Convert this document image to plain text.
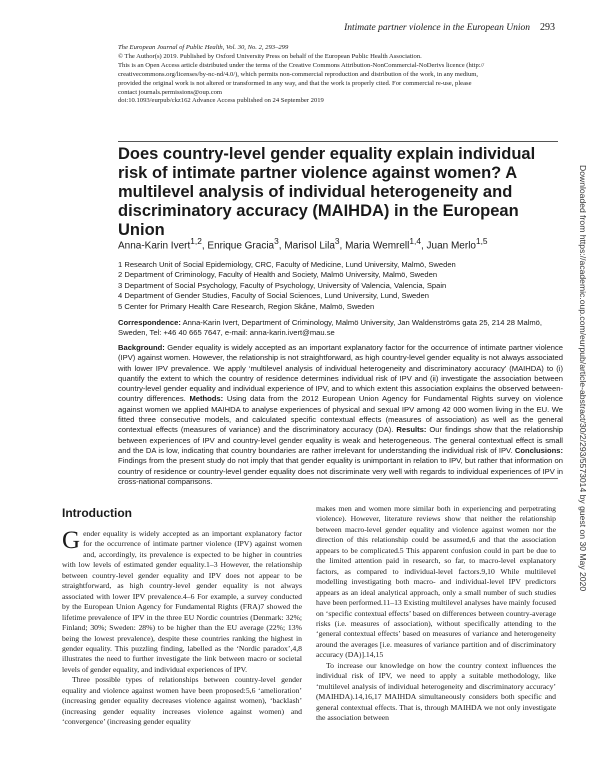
Intimate partner violence in the European Union 293
The European Journal of Public Health, Vol. 30, No. 2, 293–299
© The Author(s) 2019. Published by Oxford University Press on behalf of the European Public Health Association.
This is an Open Access article distributed under the terms of the Creative Commons Attribution-NonCommercial-NoDerivs licence (http://
creativecommons.org/licenses/by-nc-nd/4.0/), which permits non-commercial reproduction and distribution of the work, in any medium,
provided the original work is not altered or transformed in any way, and that the work is properly cited. For commercial re-use, please
contact journals.permissions@oup.com
doi:10.1093/eurpub/ckz162 Advance Access published on 24 September 2019
Does country-level gender equality explain individual risk of intimate partner violence against women? A multilevel analysis of individual heterogeneity and discriminatory accuracy (MAIHDA) in the European Union
Anna-Karin Ivert$^{1,2}$, Enrique Gracia$^3$, Marisol Lila$^3$, Maria Wemrell$^{1,4}$, Juan Merlo$^{1,5}$
1 Research Unit of Social Epidemiology, CRC, Faculty of Medicine, Lund University, Malmö, Sweden
2 Department of Criminology, Faculty of Health and Society, Malmö University, Malmö, Sweden
3 Department of Social Psychology, Faculty of Psychology, University of Valencia, Valencia, Spain
4 Department of Gender Studies, Faculty of Social Sciences, Lund University, Lund, Sweden
5 Center for Primary Health Care Research, Region Skåne, Malmö, Sweden
Correspondence: Anna-Karin Ivert, Department of Criminology, Malmö University, Jan Waldenströms gata 25, 214 28 Malmö, Sweden, Tel: +46 40 665 7647, e-mail: anna-karin.ivert@mau.se

Background: Gender equality is widely accepted as an important explanatory factor for the occurrence of intimate partner violence (IPV) against women. However, the relationship is not straightforward, as high country-level gender equality is not always associated with lower IPV prevalence. We apply ‘multilevel analysis of individual heterogeneity and discriminatory accuracy’ (MAIHDA) to (i) quantify the extent to which the country of residence determines individual risk of IPV and (ii) investigate the association between country-level gender equality and individual experience of IPV, and to which extent this association explains the observed between-country differences. Methods: Using data from the 2012 European Union Agency for Fundamental Rights survey on violence against women we applied MAIHDA to analyse experiences of physical and sexual IPV among 42 000 women living in the EU. We fitted three consecutive models, and calculated specific contextual effects (measures of association) as well as the general contextual effects (measures of variance) and the discriminatory accuracy (DA). Results: Our findings show that the relationship between experiences of IPV and country-level gender equality is weak and heterogeneous. The general contextual effect is small and the DA is low, indicating that country boundaries are rather irrelevant for understanding the individual risk of IPV. Conclusions: Findings from the present study do not imply that that gender equality is unimportant in relation to IPV, but rather that information on country of residence or country-level gender equality does not discriminate very well with regards to individual experiences of IPV in cross-national comparisons.

Introduction

Gender equality is widely accepted as an important explanatory factor for the occurrence of intimate partner violence (IPV) against women and, accordingly, its prevalence is expected to be higher in countries with low levels of estimated gender equality.1–3 However, the relationship between country-level gender equality and IPV does not appear to be straightforward, as high country-level gender equality is not always associated with lower IPV prevalence.4–6 For example, a survey conducted by the European Union Agency for Fundamental Rights (FRA)7 showed the lifetime prevalence of IPV in the three EU Nordic countries (Denmark: 32%; Finland; 30%; Sweden: 28%) to be higher than the EU average (22%; 13% being the lowest prevalence), despite these countries ranking the highest in gender equality. This puzzling finding, labelled as the ‘Nordic paradox’,4,8 illustrates the need to further investigate the link between macro or societal levels of gender equality, and individual experiences of IPV.

Three possible types of relationships between country-level gender equality and violence against women have been proposed:5,6 ‘amelioration’ (increasing gender equality decreases violence against women), ‘backlash’ (increasing gender equality increases violence against women) and ‘convergence’ (increasing gender equality

makes men and women more similar both in experiencing and perpetrating violence). However, literature reviews show that neither the relationship between macro-level gender equality and violence against women nor the direction of this relationship could be assumed,6 and that the association appears to be complicated.5 This apparent confusion could in part be due to the limited attention paid in research, so far, to macro-level explanatory factors, as compared to individual-level factors.9,10 While multilevel modelling investigating both macro- and individual-level IPV predictors appears as an ideal analytical approach, only a small number of such studies have been performed.11–13 Existing multilevel analyses have mainly focused on ‘specific contextual effects’ based on differences between country-average risks (i.e. measures of association), without specifically attending to the ‘general contextual effects’ based on measures of variance and heterogeneity around the averages [i.e. measures of variance partition and of discriminatory accuracy (DA)].14,15

To increase our knowledge on how the country context influences the individual risk of IPV, we need to apply a suitable methodology, like ‘multilevel analysis of individual heterogeneity and discriminatory accuracy’ (MAIHDA).14,16,17 MAIHDA simultaneously considers both specific and general contextual effects. That is, through MAIHDA we not only investigate the association between

Downloaded from https://academic.oup.com/eurpub/article-abstract/30/2/293/5573014 by guest on 30 May 2020
